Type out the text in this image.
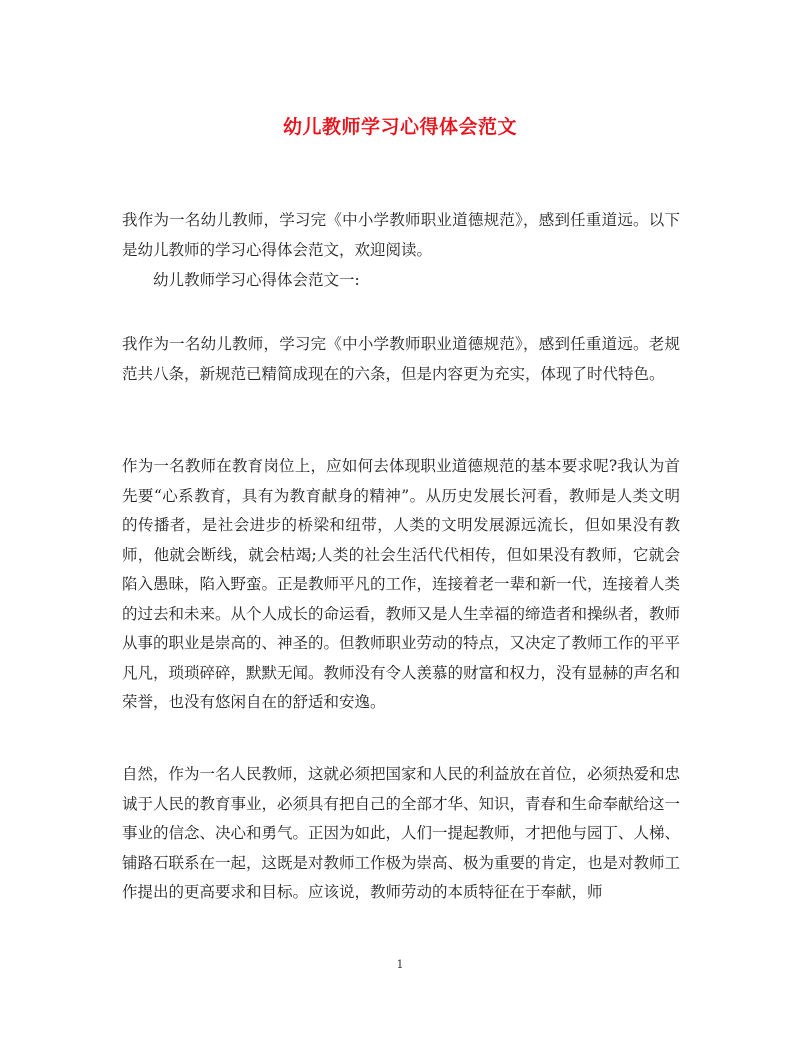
幼儿教师学习心得体会范文

我作为一名幼儿教师，学习完《中小学教师职业道德规范》，感到任重道远。以下是幼儿教师的学习心得体会范文，欢迎阅读。

幼儿教师学习心得体会范文一:

我作为一名幼儿教师，学习完《中小学教师职业道德规范》，感到任重道远。老规范共八条，新规范已精简成现在的六条，但是内容更为充实，体现了时代特色。

作为一名教师在教育岗位上，应如何去体现职业道德规范的基本要求呢?我认为首先要“心系教育，具有为教育献身的精神”。从历史发展长河看，教师是人类文明的传播者，是社会进步的桥梁和纽带，人类的文明发展源远流长，但如果没有教师，他就会断线，就会枯竭;人类的社会生活代代相传，但如果没有教师，它就会陷入愚昧，陷入野蛮。正是教师平凡的工作，连接着老一辈和新一代，连接着人类的过去和未来。从个人成长的命运看，教师又是人生幸福的缔造者和操纵者，教师从事的职业是崇高的、神圣的。但教师职业劳动的特点，又决定了教师工作的平平凡凡，琐琐碎碎，默默无闻。教师没有令人羡慕的财富和权力，没有显赫的声名和荣誉，也没有悠闲自在的舒适和安逸。

自然，作为一名人民教师，这就必须把国家和人民的利益放在首位，必须热爱和忠诚于人民的教育事业，必须具有把自己的全部才华、知识，青春和生命奉献给这一事业的信念、决心和勇气。正因为如此，人们一提起教师，才把他与园丁、人梯、铺路石联系在一起，这既是对教师工作极为崇高、极为重要的肯定，也是对教师工作提出的更高要求和目标。应该说，教师劳动的本质特征在于奉献，师

1
